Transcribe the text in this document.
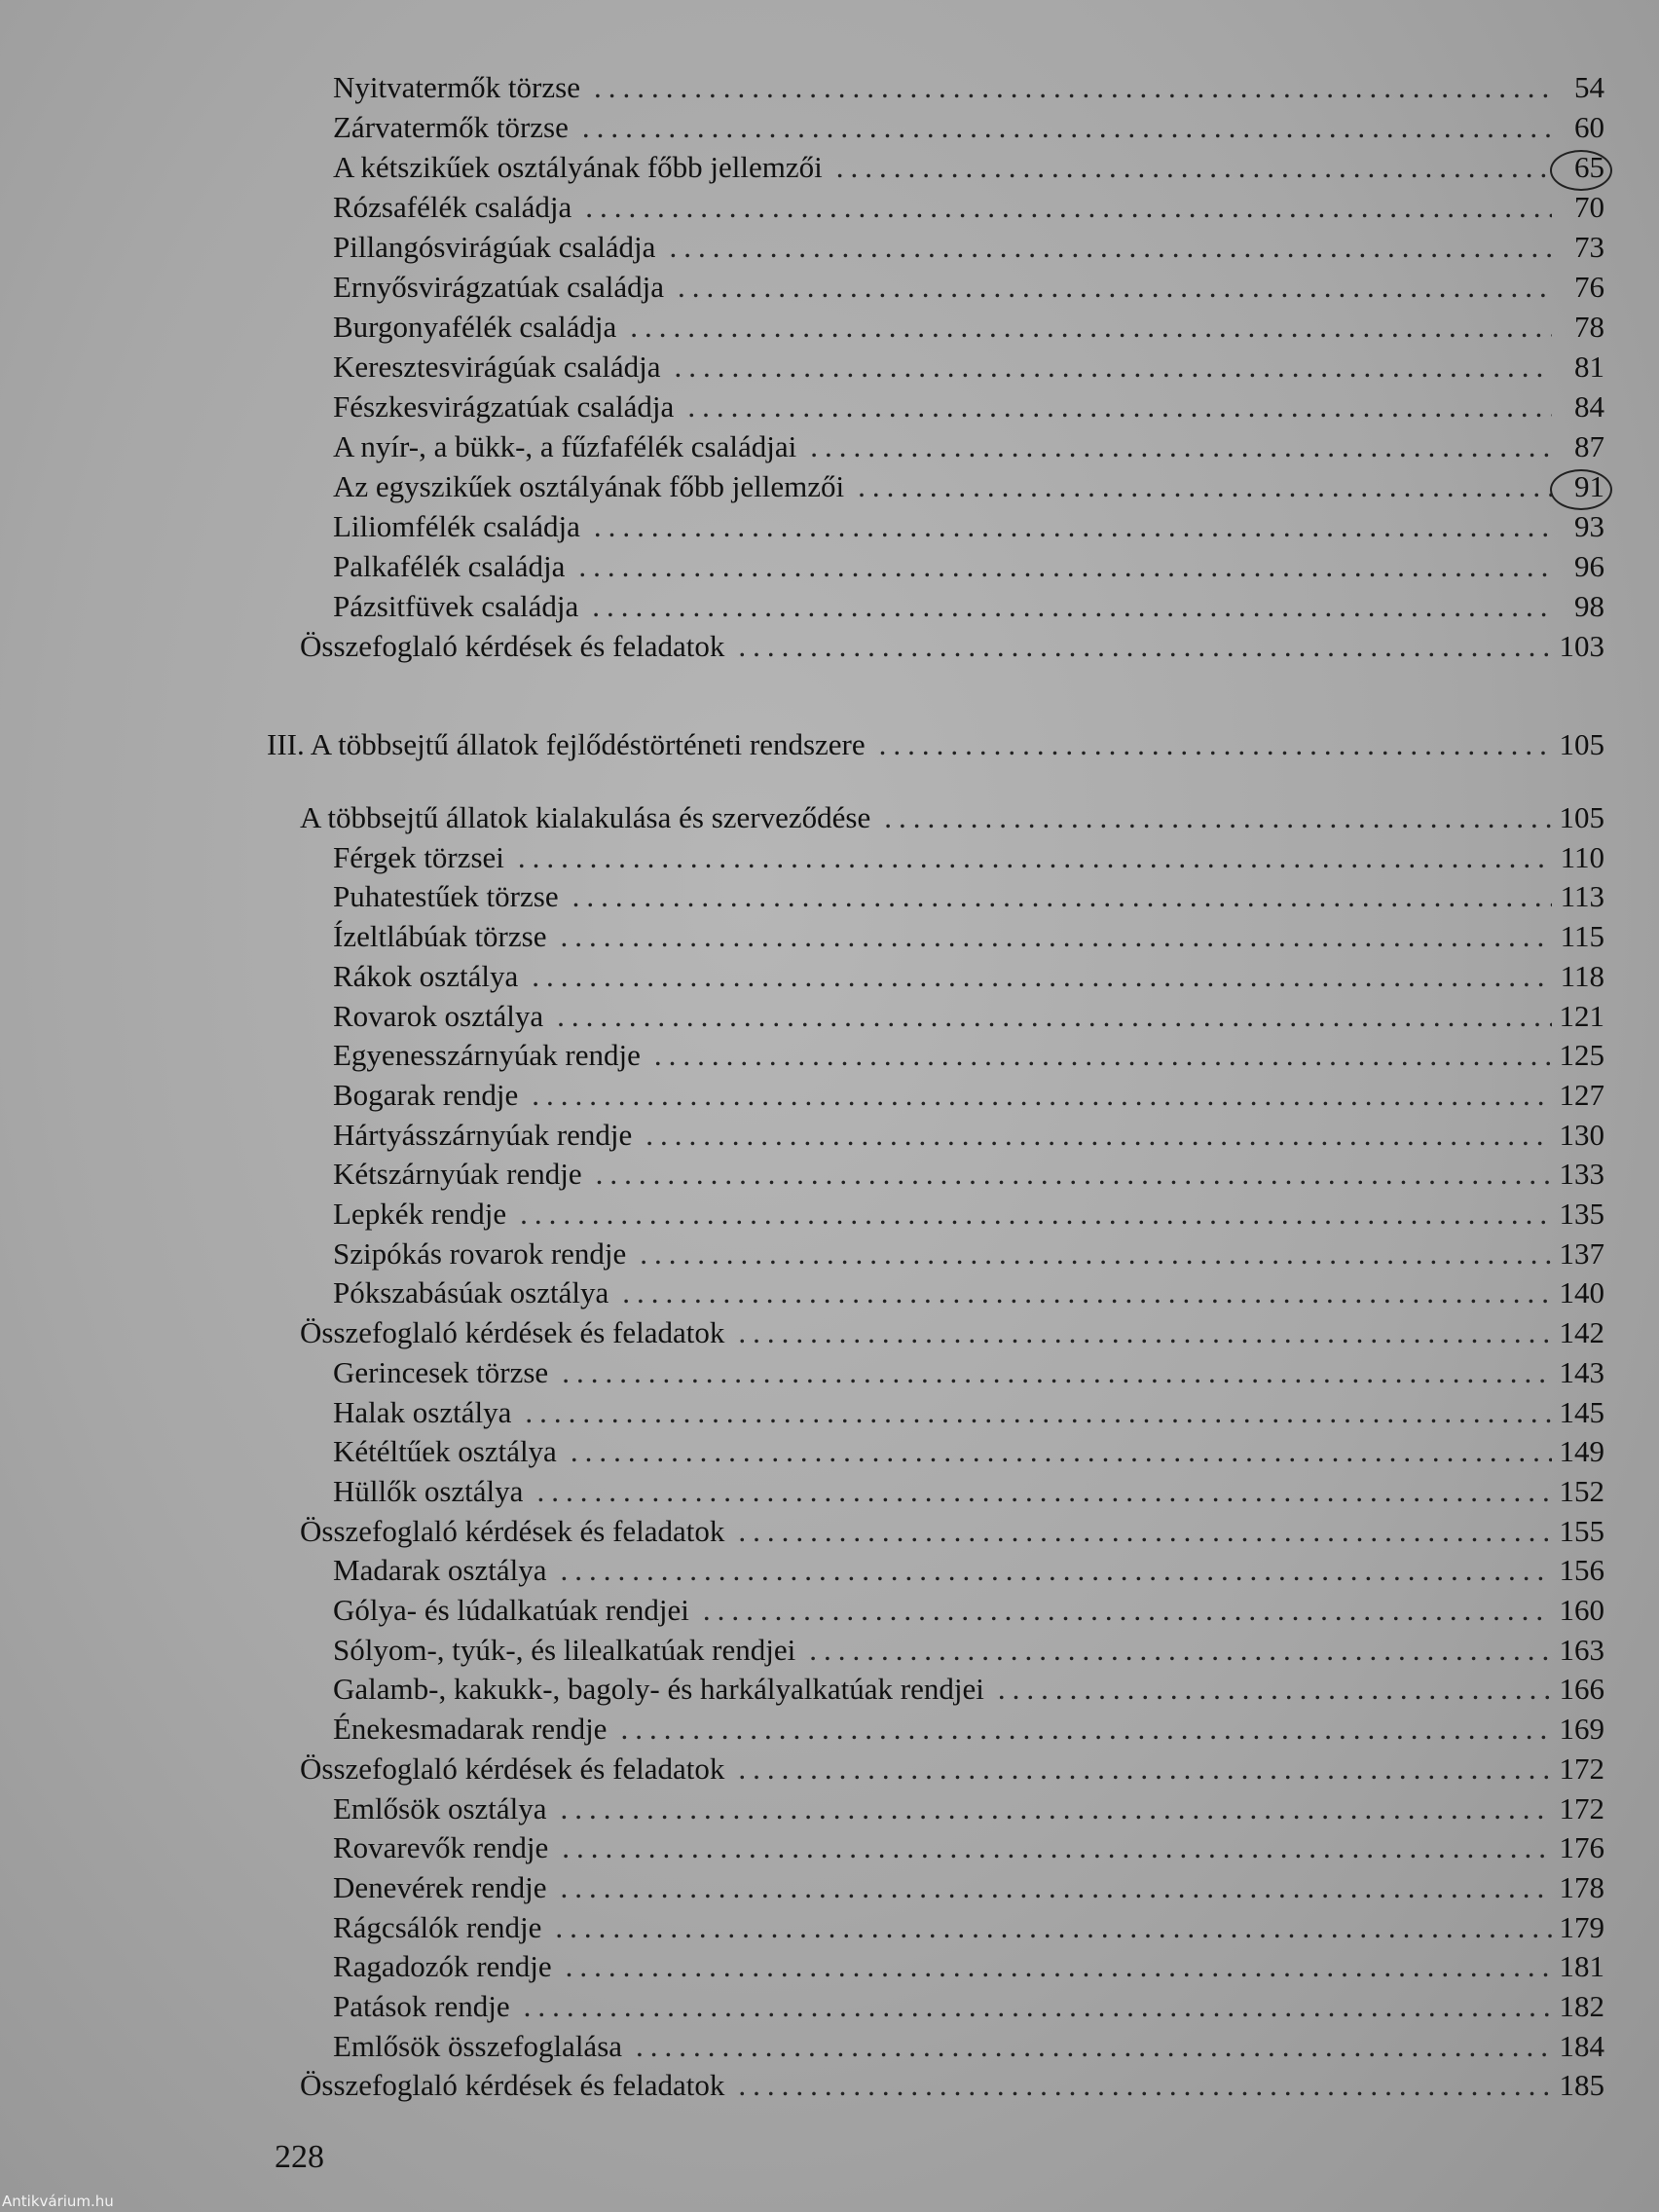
Nyitvatermők törzse .....	54
Zárvatermők törzse .....	60
A kétszikűek osztályának főbb jellemzői .....	65
Rózsafélék családja .....	70
Pillangósvirágúak családja .....	73
Ernyősvirágzatúak családja .....	76
Burgonyafélék családja .....	78
Keresztesvirágúak családja .....	81
Fészkesvirágzatúak családja .....	84
A nyír-, a bükk-, a fűzfafélék családjai .....	87
Az egyszikűek osztályának főbb jellemzői .....	91
Liliomfélék családja .....	93
Palkafélék családja .....	96
Pázsitfüvek családja .....	98
Összefoglaló kérdések és feladatok .....	103
III. A többsejtű állatok fejlődéstörténeti rendszere .....	105
A többsejtű állatok kialakulása és szerveződése .....	105
Férgek törzsei .....	110
Puhatestűek törzse .....	113
Ízeltlábúak törzse .....	115
Rákok osztálya .....	118
Rovarok osztálya .....	121
Egyenesszárnyúak rendje .....	125
Bogarak rendje .....	127
Hártyásszárnyúak rendje .....	130
Kétszárnyúak rendje .....	133
Lepkék rendje .....	135
Szipókás rovarok rendje .....	137
Pókszabásúak osztálya .....	140
Összefoglaló kérdések és feladatok .....	142
Gerincesek törzse .....	143
Halak osztálya .....	145
Kétéltűek osztálya .....	149
Hüllők osztálya .....	152
Összefoglaló kérdések és feladatok .....	155
Madarak osztálya .....	156
Gólya- és lúdalkatúak rendjei .....	160
Sólyom-, tyúk-, és lilealkatúak rendjei .....	163
Galamb-, kakukk-, bagoly- és harkályalkatúak rendjei .....	166
Énekesmadarak rendje .....	169
Összefoglaló kérdések és feladatok .....	172
Emlősök osztálya .....	172
Rovarevők rendje .....	176
Denevérek rendje .....	178
Rágcsálók rendje .....	179
Ragadozók rendje .....	181
Patások rendje .....	182
Emlősök összefoglalása .....	184
Összefoglaló kérdések és feladatok .....	185
228
Antikvárium.hu
